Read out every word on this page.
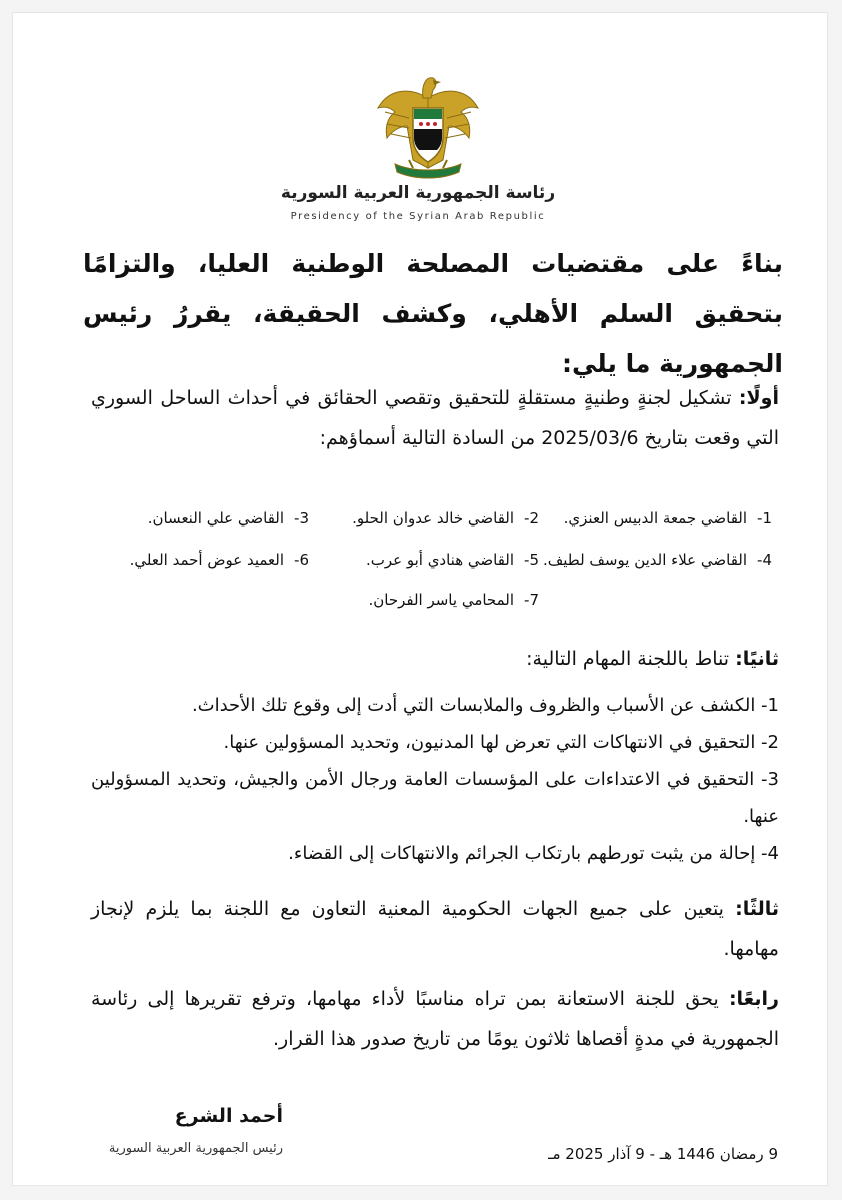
رئاسة الجمهورية العربية السورية
Presidency of the Syrian Arab Republic
بناءً على مقتضيات المصلحة الوطنية العليا، والتزامًا بتحقيق السلم الأهلي، وكشف الحقيقة، يقررُ رئيس الجمهورية ما يلي:
أولًا: تشكيل لجنةٍ وطنيةٍ مستقلةٍ للتحقيق وتقصي الحقائق في أحداث الساحل السوري التي وقعت بتاريخ 2025/03/6 من السادة التالية أسماؤهم:
1-القاضي جمعة الدبيس العنزي.
2-القاضي خالد عدوان الحلو.
3-القاضي علي النعسان.
4-القاضي علاء الدين يوسف لطيف.
5-القاضي هنادي أبو عرب.
6-العميد عوض أحمد العلي.
7-المحامي ياسر الفرحان.
ثانيًا: تناط باللجنة المهام التالية:
1- الكشف عن الأسباب والظروف والملابسات التي أدت إلى وقوع تلك الأحداث.
2- التحقيق في الانتهاكات التي تعرض لها المدنيون، وتحديد المسؤولين عنها.
3- التحقيق في الاعتداءات على المؤسسات العامة ورجال الأمن والجيش، وتحديد المسؤولين عنها.
4- إحالة من يثبت تورطهم بارتكاب الجرائم والانتهاكات إلى القضاء.
ثالثًا: يتعين على جميع الجهات الحكومية المعنية التعاون مع اللجنة بما يلزم لإنجاز مهامها.
رابعًا: يحق للجنة الاستعانة بمن تراه مناسبًا لأداء مهامها، وترفع تقريرها إلى رئاسة الجمهورية في مدةٍ أقصاها ثلاثون يومًا من تاريخ صدور هذا القرار.
أحمد الشرع
رئيس الجمهورية العربية السورية	9 رمضان 1446 هـ - 9 آذار 2025 مـ
